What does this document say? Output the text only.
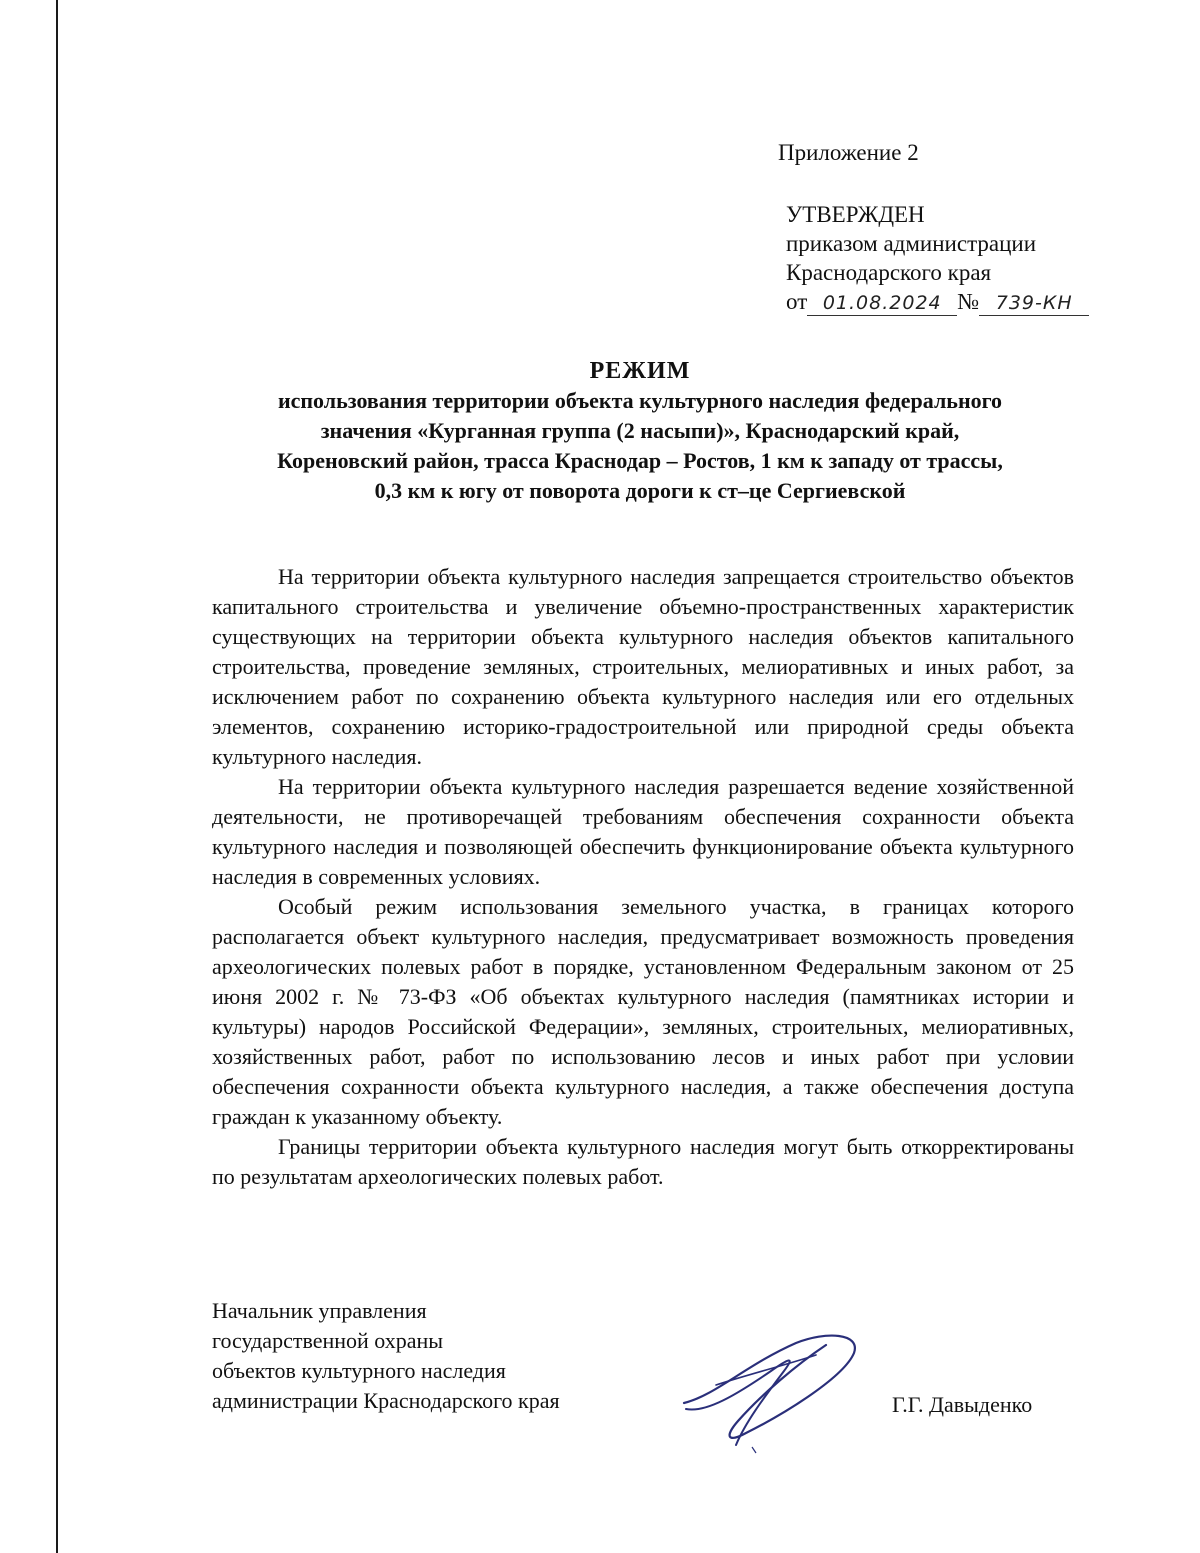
Приложение 2
УТВЕРЖДЕН
приказом администрации
Краснодарского края
от 01.08.2024 № 739-КН
РЕЖИМ
использования территории объекта культурного наследия федерального
значения «Курганная группа (2 насыпи)», Краснодарский край,
Кореновский район, трасса Краснодар – Ростов, 1 км к западу от трассы,
0,3 км к югу от поворота дороги к ст–це Сергиевской

На территории объекта культурного наследия запрещается строительство объектов капитального строительства и увеличение объемно-пространственных характеристик существующих на территории объекта культурного наследия объектов капитального строительства, проведение земляных, строительных, мелиоративных и иных работ, за исключением работ по сохранению объекта культурного наследия или его отдельных элементов, сохранению историко-градостроительной или природной среды объекта культурного наследия.

На территории объекта культурного наследия разрешается ведение хозяйственной деятельности, не противоречащей требованиям обеспечения сохранности объекта культурного наследия и позволяющей обеспечить функционирование объекта культурного наследия в современных условиях.

Особый режим использования земельного участка, в границах которого располагается объект культурного наследия, предусматривает возможность проведения археологических полевых работ в порядке, установленном Федеральным законом от 25 июня 2002 г. № 73-ФЗ «Об объектах культурного наследия (памятниках истории и культуры) народов Российской Федерации», земляных, строительных, мелиоративных, хозяйственных работ, работ по использованию лесов и иных работ при условии обеспечения сохранности объекта культурного наследия, а также обеспечения доступа граждан к указанному объекту.

Границы территории объекта культурного наследия могут быть откорректированы по результатам археологических полевых работ.

Начальник управления
государственной охраны
объектов культурного наследия
администрации Краснодарского края	Г.Г. Давыденко
